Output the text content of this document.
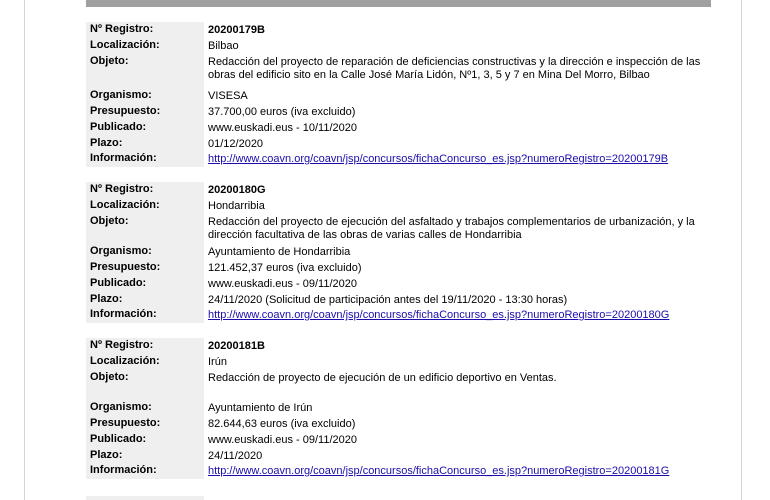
Nº Registro:	20200179B
Localización:	Bilbao
Objeto:	Redacción del proyecto de reparación de deficiencias constructivas y la dirección e inspección de las obras del edificio sito en la Calle José María Lidón, Nº1, 3, 5 y 7 en Mina Del Morro, Bilbao
Organismo:	VISESA
Presupuesto:	37.700,00 euros (iva excluido)
Publicado:	www.euskadi.eus - 10/11/2020
Plazo:	01/12/2020
Información:	http://www.coavn.org/coavn/jsp/concursos/fichaConcurso_es.jsp?numeroRegistro=20200179B
Nº Registro:	20200180G
Localización:	Hondarribia
Objeto:	Redacción del proyecto de ejecución del asfaltado y trabajos complementarios de urbanización, y la dirección facultativa de las obras de varias calles de Hondarribia
Organismo:	Ayuntamiento de Hondarribia
Presupuesto:	121.452,37 euros (iva excluido)
Publicado:	www.euskadi.eus - 09/11/2020
Plazo:	24/11/2020 (Solicitud de participación antes del 19/11/2020 - 13:30 horas)
Información:	http://www.coavn.org/coavn/jsp/concursos/fichaConcurso_es.jsp?numeroRegistro=20200180G
Nº Registro:	20200181B
Localización:	Irún
Objeto:	Redacción de proyecto de ejecución de un edificio deportivo en Ventas.
Organismo:	Ayuntamiento de Irún
Presupuesto:	82.644,63 euros (iva excluido)
Publicado:	www.euskadi.eus - 09/11/2020
Plazo:	24/11/2020
Información:	http://www.coavn.org/coavn/jsp/concursos/fichaConcurso_es.jsp?numeroRegistro=20200181G
